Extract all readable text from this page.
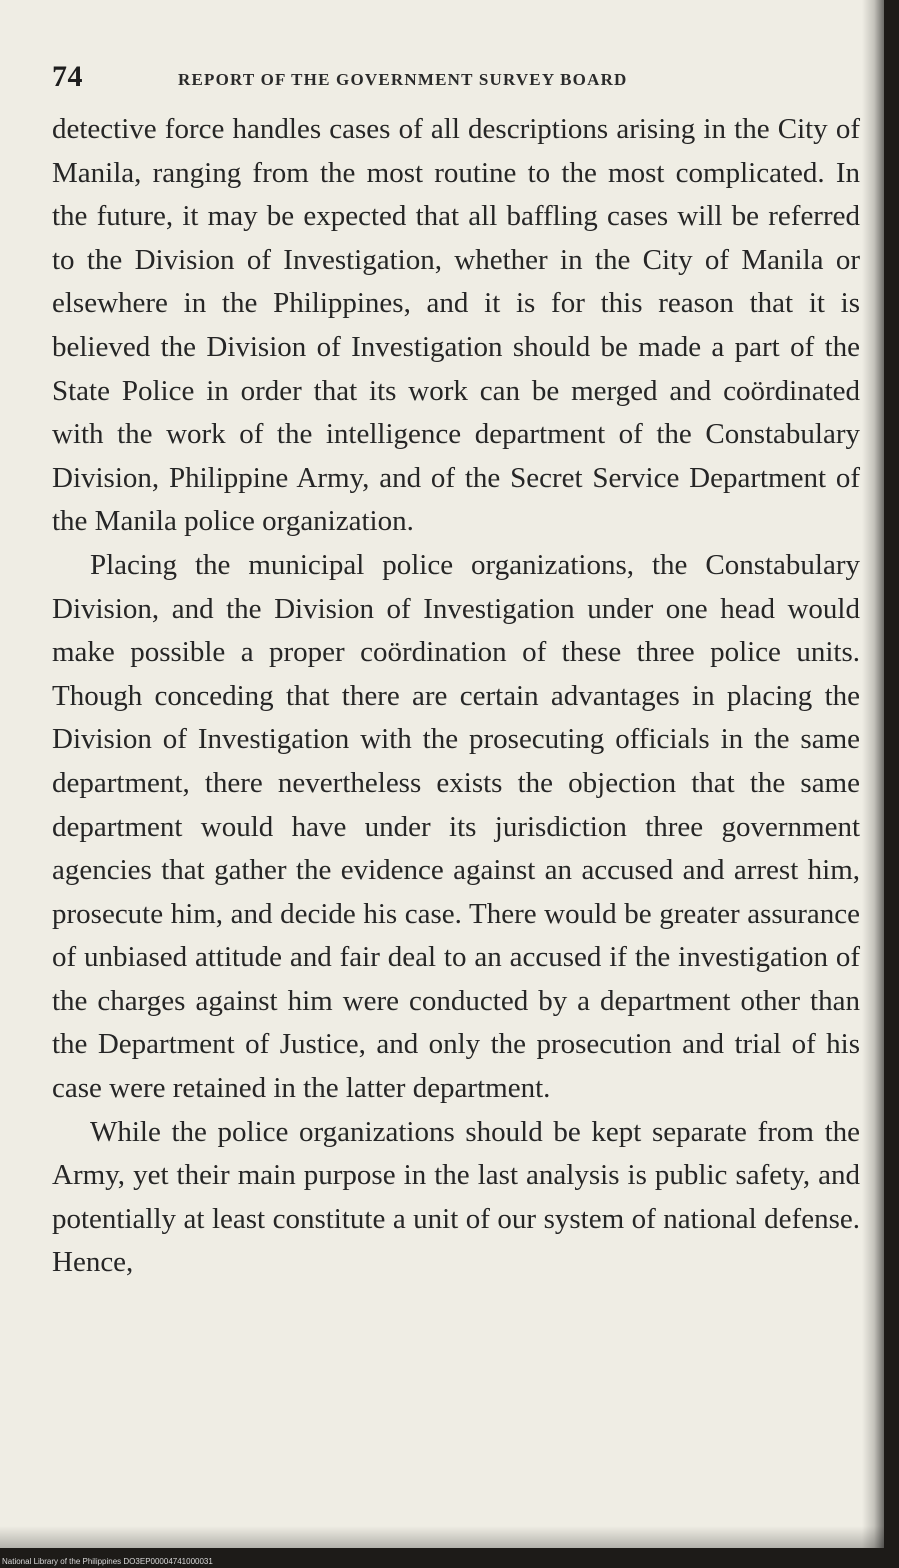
74	REPORT OF THE GOVERNMENT SURVEY BOARD

detective force handles cases of all descriptions arising in the City of Manila, ranging from the most routine to the most complicated. In the future, it may be expected that all baffling cases will be referred to the Division of Investigation, whether in the City of Manila or elsewhere in the Philippines, and it is for this reason that it is believed the Division of Investigation should be made a part of the State Police in order that its work can be merged and coördinated with the work of the intelligence department of the Constabulary Division, Philippine Army, and of the Secret Service Department of the Manila police organization.

Placing the municipal police organizations, the Constabulary Division, and the Division of Investigation under one head would make possible a proper coördination of these three police units. Though conceding that there are certain advantages in placing the Division of Investigation with the prosecuting officials in the same department, there nevertheless exists the objection that the same department would have under its jurisdiction three government agencies that gather the evidence against an accused and arrest him, prosecute him, and decide his case. There would be greater assurance of unbiased attitude and fair deal to an accused if the investigation of the charges against him were conducted by a department other than the Department of Justice, and only the prosecution and trial of his case were retained in the latter department.

While the police organizations should be kept separate from the Army, yet their main purpose in the last analysis is public safety, and potentially at least constitute a unit of our system of national defense. Hence,

National Library of the Philippines DO3EP00004741000031
